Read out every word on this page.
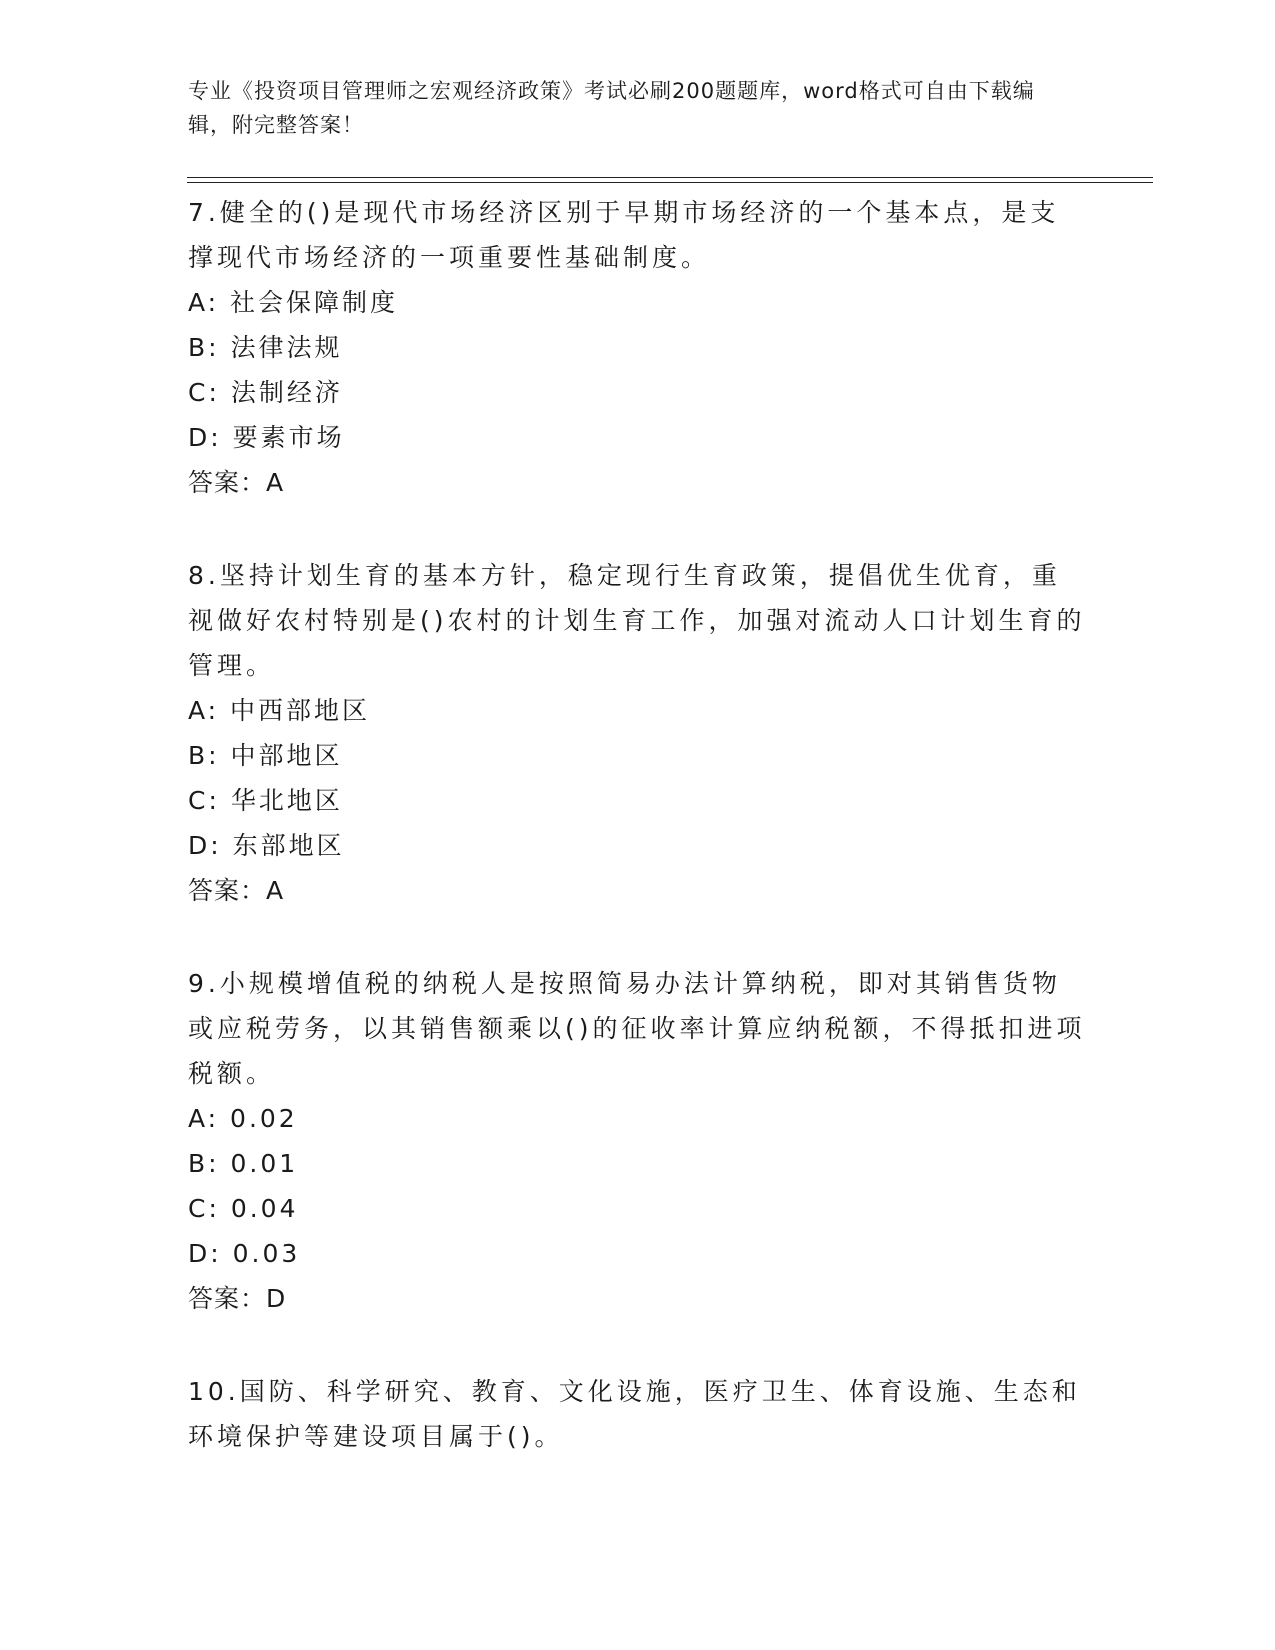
专业《投资项目管理师之宏观经济政策》考试必刷200题题库，word格式可自由下载编辑，附完整答案！

7.健全的()是现代市场经济区别于早期市场经济的一个基本点，是支撑现代市场经济的一项重要性基础制度。

A: 社会保障制度

B: 法律法规

C: 法制经济

D: 要素市场

答案：A

8.坚持计划生育的基本方针，稳定现行生育政策，提倡优生优育，重视做好农村特别是()农村的计划生育工作，加强对流动人口计划生育的管理。

A: 中西部地区

B: 中部地区

C: 华北地区

D: 东部地区

答案：A

9.小规模增值税的纳税人是按照简易办法计算纳税，即对其销售货物或应税劳务，以其销售额乘以()的征收率计算应纳税额，不得抵扣进项税额。

A: 0.02

B: 0.01

C: 0.04

D: 0.03

答案：D

10.国防、科学研究、教育、文化设施，医疗卫生、体育设施、生态和环境保护等建设项目属于()。
